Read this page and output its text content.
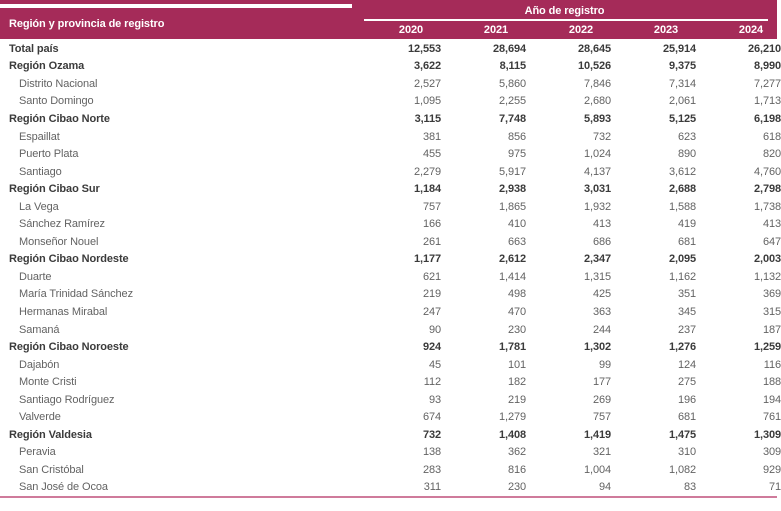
Región y provincia de registro
Año de registro
2020	2021	2022	2023	2024
Total país	12,553	28,694	28,645	25,914	26,210
Región Ozama	3,622	8,115	10,526	9,375	8,990
Distrito Nacional	2,527	5,860	7,846	7,314	7,277
Santo Domingo	1,095	2,255	2,680	2,061	1,713
Región Cibao Norte	3,115	7,748	5,893	5,125	6,198
Espaillat	381	856	732	623	618
Puerto Plata	455	975	1,024	890	820
Santiago	2,279	5,917	4,137	3,612	4,760
Región Cibao Sur	1,184	2,938	3,031	2,688	2,798
La Vega	757	1,865	1,932	1,588	1,738
Sánchez Ramírez	166	410	413	419	413
Monseñor Nouel	261	663	686	681	647
Región Cibao Nordeste	1,177	2,612	2,347	2,095	2,003
Duarte	621	1,414	1,315	1,162	1,132
María Trinidad Sánchez	219	498	425	351	369
Hermanas Mirabal	247	470	363	345	315
Samaná	90	230	244	237	187
Región Cibao Noroeste	924	1,781	1,302	1,276	1,259
Dajabón	45	101	99	124	116
Monte Cristi	112	182	177	275	188
Santiago Rodríguez	93	219	269	196	194
Valverde	674	1,279	757	681	761
Región Valdesia	732	1,408	1,419	1,475	1,309
Peravia	138	362	321	310	309
San Cristóbal	283	816	1,004	1,082	929
San José de Ocoa	311	230	94	83	71
